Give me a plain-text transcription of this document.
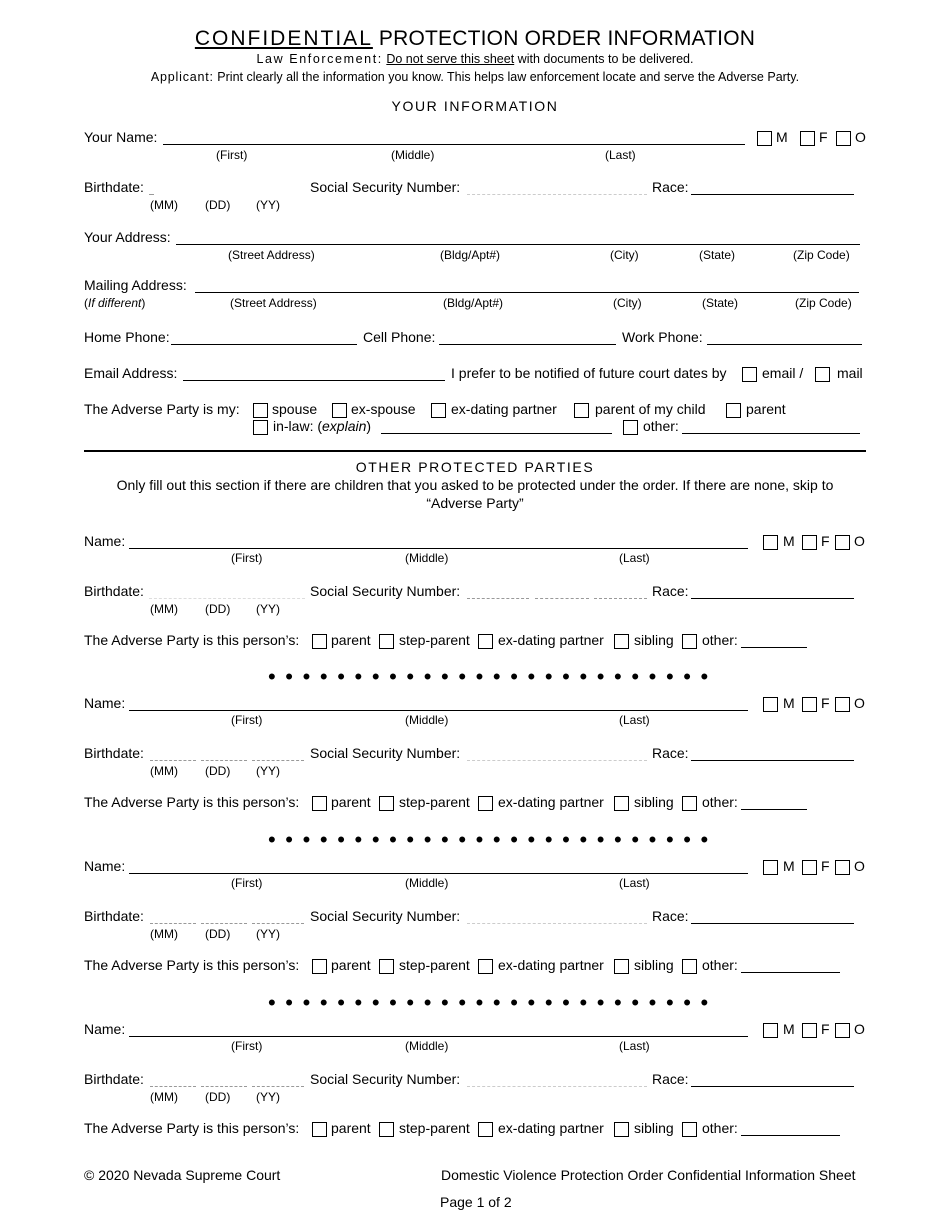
CONFIDENTIAL PROTECTION ORDER INFORMATION
Law Enforcement: Do not serve this sheet with documents to be delivered.
Applicant: Print clearly all the information you know. This helps law enforcement locate and serve the Adverse Party.
YOUR INFORMATION
Your Name:	M F O
(First)	(Middle)	(Last)
Birthdate:	Social Security Number:	Race:
(MM) (DD) (YY)
Your Address:
(Street Address)	(Bldg/Apt#)	(City)	(State)	(Zip Code)
Mailing Address:
(If different)	(Street Address)	(Bldg/Apt#)	(City)	(State)	(Zip Code)
Home Phone:	Cell Phone:	Work Phone:
Email Address:	I prefer to be notified of future court dates by	email / mail
The Adverse Party is my: spouse ex-spouse	ex-dating partner	parent of my child	parent
in-law: (explain)	other:
OTHER PROTECTED PARTIES
Only fill out this section if there are children that you asked to be protected under the order. If there are none, skip to
“Adverse Party”
Name:	M F O
(First)	(Middle)	(Last)
Birthdate:	Social Security Number:	Race:
(MM) (DD) (YY)
The Adverse Party is this person’s: parent step-parent ex-dating partner sibling other:
Name:	M F O
(First)	(Middle)	(Last)
Birthdate:	Social Security Number:	Race:
(MM) (DD) (YY)
The Adverse Party is this person’s: parent step-parent ex-dating partner sibling other:
Name:	M F O
(First)	(Middle)	(Last)
Birthdate:	Social Security Number:	Race:
(MM) (DD) (YY)
The Adverse Party is this person’s: parent step-parent ex-dating partner sibling other:
Name:	M F O
(First)	(Middle)	(Last)
Birthdate:	Social Security Number:	Race:
(MM) (DD) (YY)
The Adverse Party is this person’s: parent step-parent ex-dating partner sibling other:
••••••••••••••••••••••••••
••••••••••••••••••••••••••
••••••••••••••••••••••••••
© 2020 Nevada Supreme Court	Domestic Violence Protection Order Confidential Information Sheet
Page 1 of 2
